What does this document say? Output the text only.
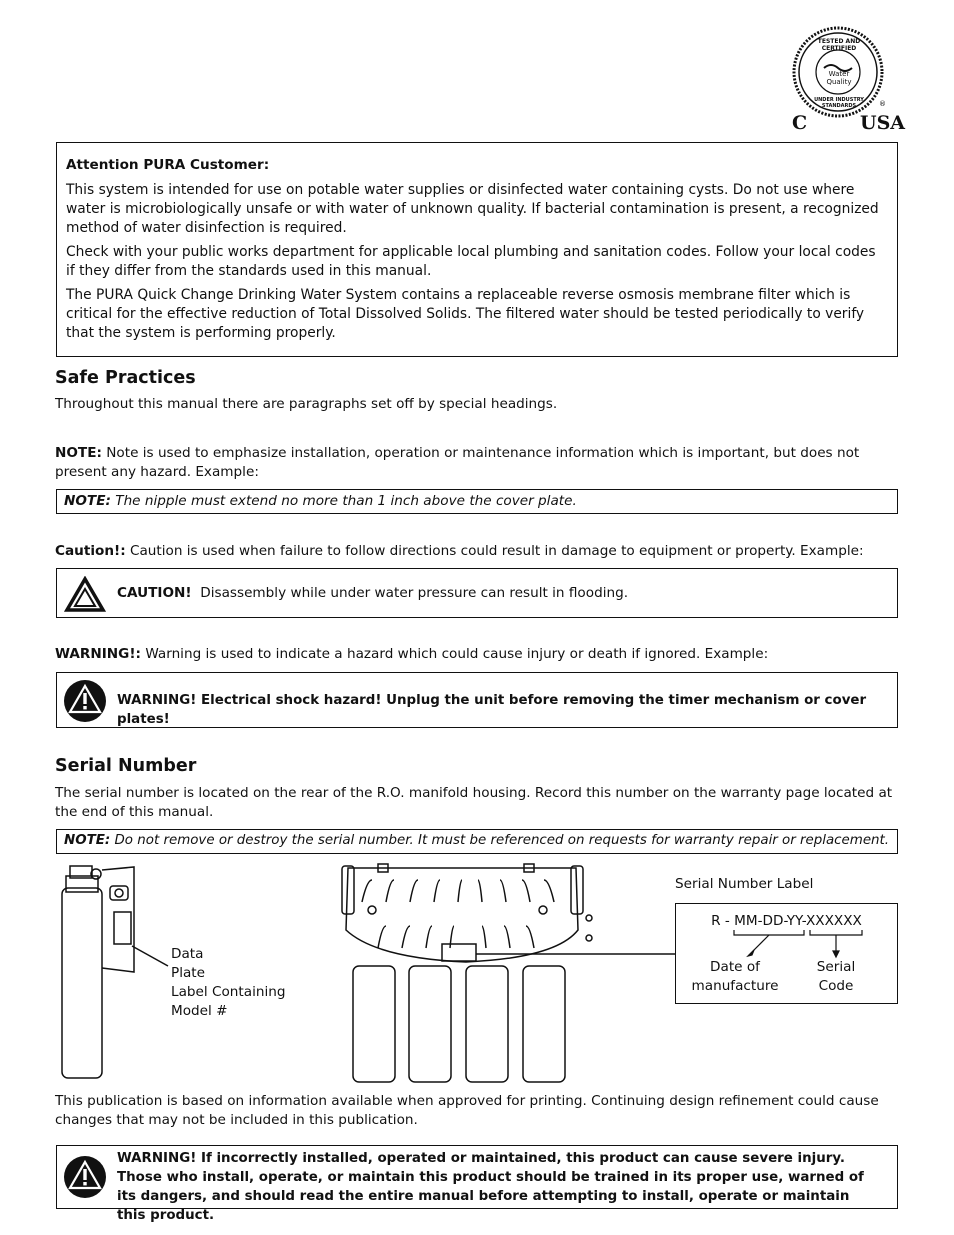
®
TESTED AND CERTIFIED
Water Quality
UNDER INDUSTRY STANDARDS
C	USA

Attention PURA Customer:

This system is intended for use on potable water supplies or disinfected water containing cysts. Do not use where water is microbiologically unsafe or with water of unknown quality. If bacterial contamination is present, a recognized method of water disinfection is required.

Check with your public works department for applicable local plumbing and sanitation codes. Follow your local codes if they differ from the standards used in this manual.

The PURA Quick Change Drinking Water System contains a replaceable reverse osmosis membrane filter which is critical for the effective reduction of Total Dissolved Solids. The filtered water should be tested periodically to verify that the system is performing properly.

Safe Practices
Throughout this manual there are paragraphs set off by special headings.
NOTE: Note is used to emphasize installation, operation or maintenance information which is important, but does not present any hazard. Example:
NOTE: The nipple must extend no more than 1 inch above the cover plate.
Caution!: Caution is used when failure to follow directions could result in damage to equipment or property. Example:
CAUTION! Disassembly while under water pressure can result in flooding.
WARNING!: Warning is used to indicate a hazard which could cause injury or death if ignored. Example:
WARNING! Electrical shock hazard! Unplug the unit before removing the timer mechanism or cover plates!
Serial Number

The serial number is located on the rear of the R.O. manifold housing. Record this number on the warranty page located at the end of this manual.

NOTE: Do not remove or destroy the serial number. It must be referenced on requests for warranty repair or replacement.
Data
Plate
Label Containing
Model #
Serial Number Label
R - MM-DD-YY-XXXXXX
Date of
manufacture
Serial
Code

This publication is based on information available when approved for printing. Continuing design refinement could cause changes that may not be included in this publication.

WARNING! If incorrectly installed, operated or maintained, this product can cause severe injury. Those who install, operate, or maintain this product should be trained in its proper use, warned of its dangers, and should read the entire manual before attempting to install, operate or maintain this product.
